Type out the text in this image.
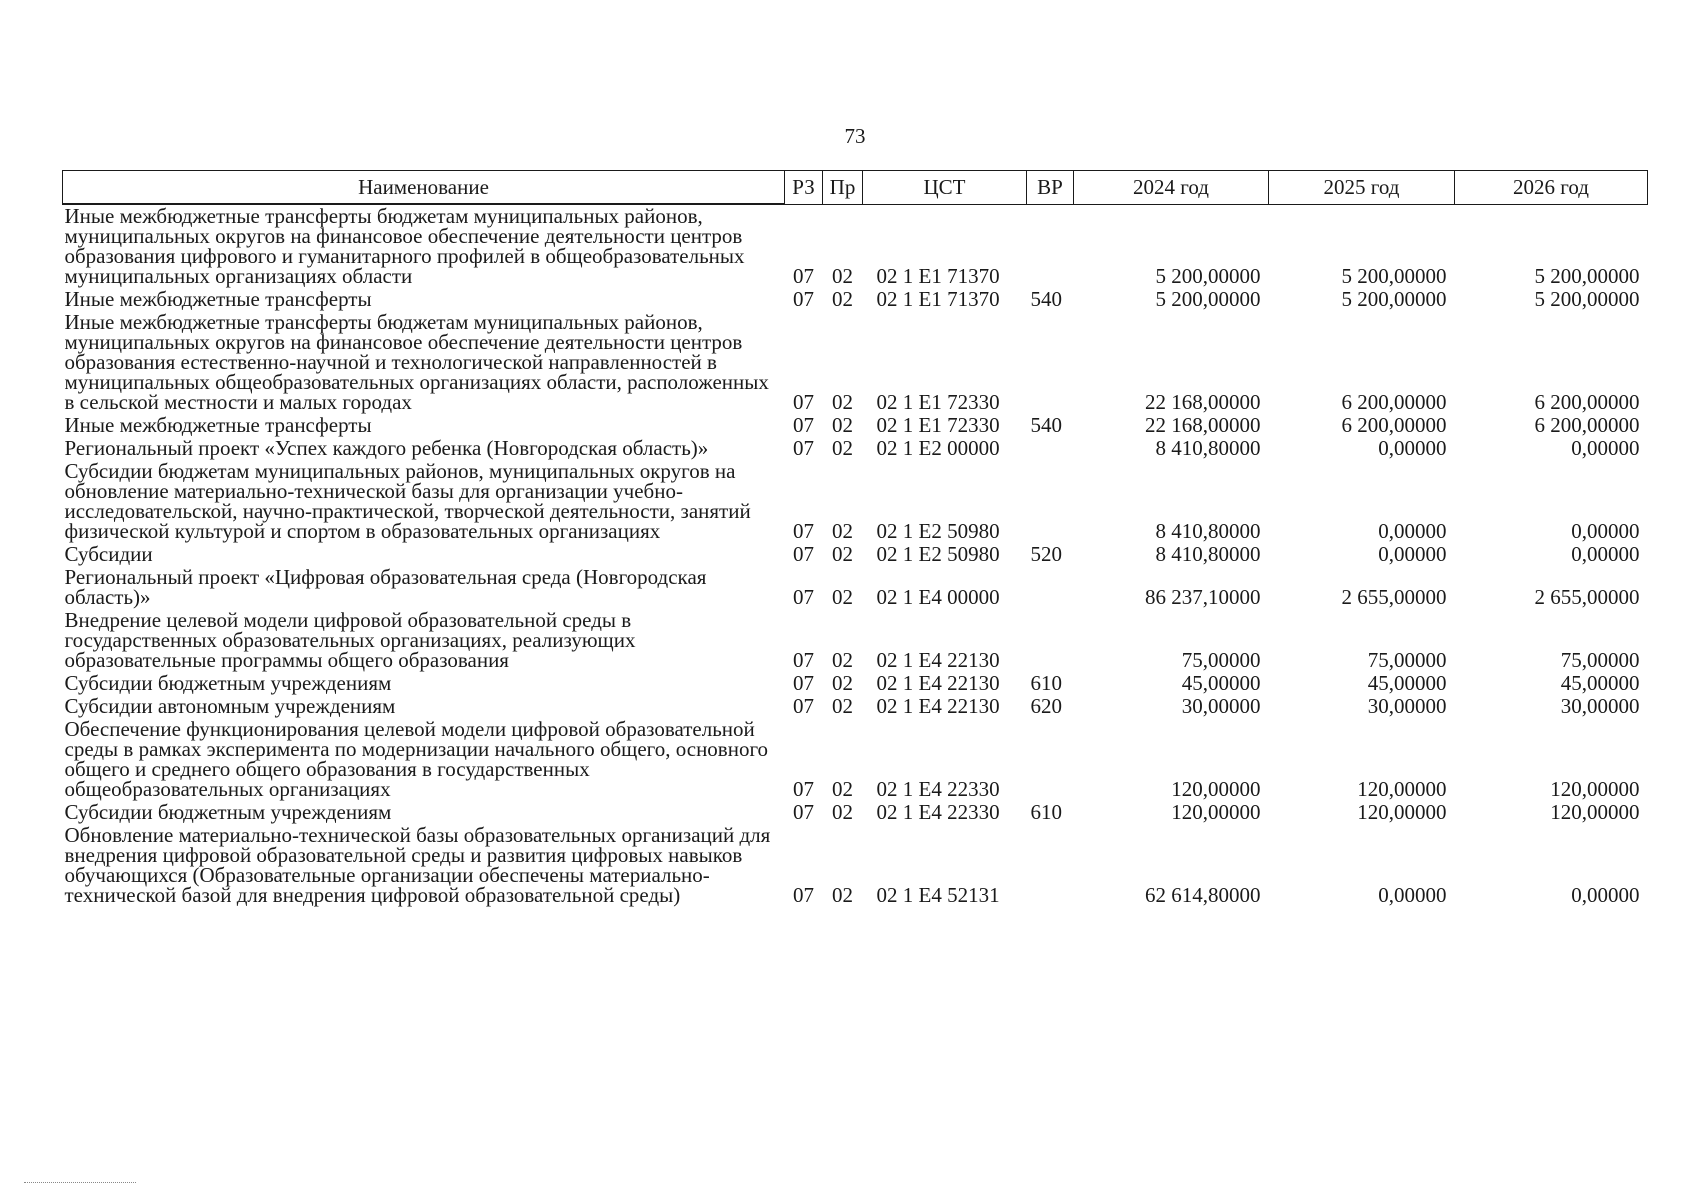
73
Наименование	РЗ	Пр	ЦСТ	ВР	2024 год	2025 год	2026 год
Иные межбюджетные трансферты бюджетам муниципальных районов, муниципальных округов на финансовое обеспечение деятельности центров образования цифрового и гуманитарного профилей в общеобразовательных муниципальных организациях области	07	02	02 1 E1 71370		5 200,00000	5 200,00000	5 200,00000
Иные межбюджетные трансферты	07	02	02 1 E1 71370	540	5 200,00000	5 200,00000	5 200,00000
Иные межбюджетные трансферты бюджетам муниципальных районов, муниципальных округов на финансовое обеспечение деятельности центров образования естественно-научной и технологической направленностей в муниципальных общеобразовательных организациях области, расположенных в сельской местности и малых городах	07	02	02 1 E1 72330		22 168,00000	6 200,00000	6 200,00000
Иные межбюджетные трансферты	07	02	02 1 E1 72330	540	22 168,00000	6 200,00000	6 200,00000
Региональный проект «Успех каждого ребенка (Новгородская область)»	07	02	02 1 E2 00000		8 410,80000	0,00000	0,00000
Субсидии бюджетам муниципальных районов, муниципальных округов на обновление материально-технической базы для организации учебно-исследовательской, научно-практической, творческой деятельности, занятий физической культурой и спортом в образовательных организациях	07	02	02 1 E2 50980		8 410,80000	0,00000	0,00000
Субсидии	07	02	02 1 E2 50980	520	8 410,80000	0,00000	0,00000
Региональный проект «Цифровая образовательная среда (Новгородская область)»	07	02	02 1 E4 00000		86 237,10000	2 655,00000	2 655,00000
Внедрение целевой модели цифровой образовательной среды в государственных образовательных организациях, реализующих образовательные программы общего образования	07	02	02 1 E4 22130		75,00000	75,00000	75,00000
Субсидии бюджетным учреждениям	07	02	02 1 E4 22130	610	45,00000	45,00000	45,00000
Субсидии автономным учреждениям	07	02	02 1 E4 22130	620	30,00000	30,00000	30,00000
Обеспечение функционирования целевой модели цифровой образовательной среды в рамках эксперимента по модернизации начального общего, основного общего и среднего общего образования в государственных общеобразовательных организациях	07	02	02 1 E4 22330		120,00000	120,00000	120,00000
Субсидии бюджетным учреждениям	07	02	02 1 E4 22330	610	120,00000	120,00000	120,00000
Обновление материально-технической базы образовательных организаций для внедрения цифровой образовательной среды и развития цифровых навыков обучающихся (Образовательные организации обеспечены материально-технической базой для внедрения цифровой образовательной среды)	07	02	02 1 E4 52131		62 614,80000	0,00000	0,00000
